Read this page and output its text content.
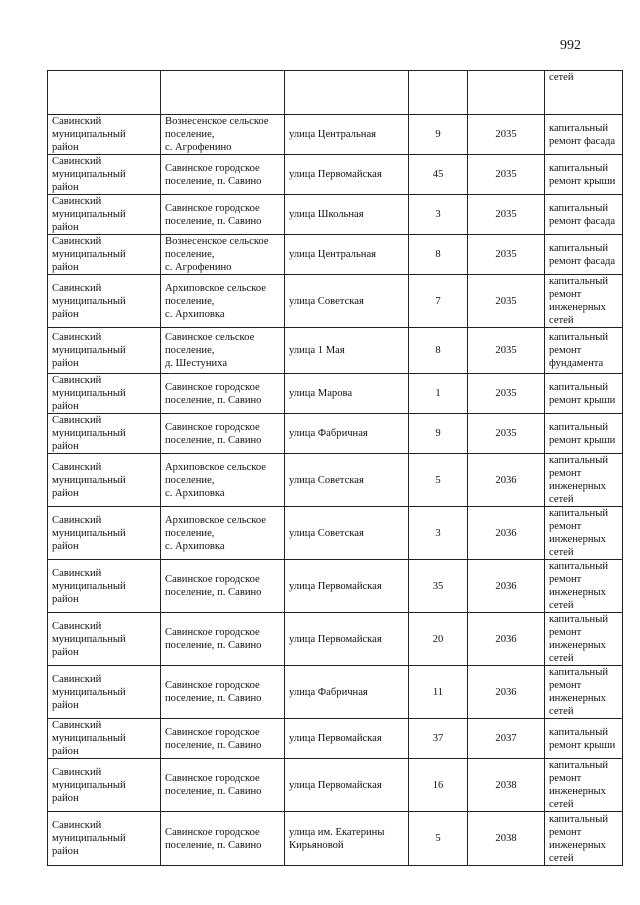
992

					сетей

Савинский
муниципальный
район	Вознесенское сельское
поселение,
с. Агрофенино	улица Центральная	9	2035	капитальный
ремонт фасада

Савинский
муниципальный
район	Савинское городское
поселение, п. Савино	улица Первомайская	45	2035	капитальный
ремонт крыши

Савинский
муниципальный
район	Савинское городское
поселение, п. Савино	улица Школьная	3	2035	капитальный
ремонт фасада

Савинский
муниципальный
район	Вознесенское сельское
поселение,
с. Агрофенино	улица Центральная	8	2035	капитальный
ремонт фасада

Савинский
муниципальный
район	Архиповское сельское
поселение,
с. Архиповка	улица Советская	7	2035	капитальный
ремонт
инженерных
сетей

Савинский
муниципальный
район	Савинское сельское
поселение,
д. Шестуниха	улица 1 Мая	8	2035	капитальный
ремонт
фундамента

Савинский
муниципальный
район	Савинское городское
поселение, п. Савино	улица Марова	1	2035	капитальный
ремонт крыши

Савинский
муниципальный
район	Савинское городское
поселение, п. Савино	улица Фабричная	9	2035	капитальный
ремонт крыши

Савинский
муниципальный
район	Архиповское сельское
поселение,
с. Архиповка	улица Советская	5	2036	капитальный
ремонт
инженерных
сетей

Савинский
муниципальный
район	Архиповское сельское
поселение,
с. Архиповка	улица Советская	3	2036	капитальный
ремонт
инженерных
сетей

Савинский
муниципальный
район	Савинское городское
поселение, п. Савино	улица Первомайская	35	2036	капитальный
ремонт
инженерных
сетей

Савинский
муниципальный
район	Савинское городское
поселение, п. Савино	улица Первомайская	20	2036	капитальный
ремонт
инженерных
сетей

Савинский
муниципальный
район	Савинское городское
поселение, п. Савино	улица Фабричная	11	2036	капитальный
ремонт
инженерных
сетей

Савинский
муниципальный
район	Савинское городское
поселение, п. Савино	улица Первомайская	37	2037	капитальный
ремонт крыши

Савинский
муниципальный
район	Савинское городское
поселение, п. Савино	улица Первомайская	16	2038	капитальный
ремонт
инженерных
сетей

Савинский
муниципальный
район	Савинское городское
поселение, п. Савино	улица им. Екатерины
Кирьяновой	5	2038	капитальный
ремонт
инженерных
сетей
